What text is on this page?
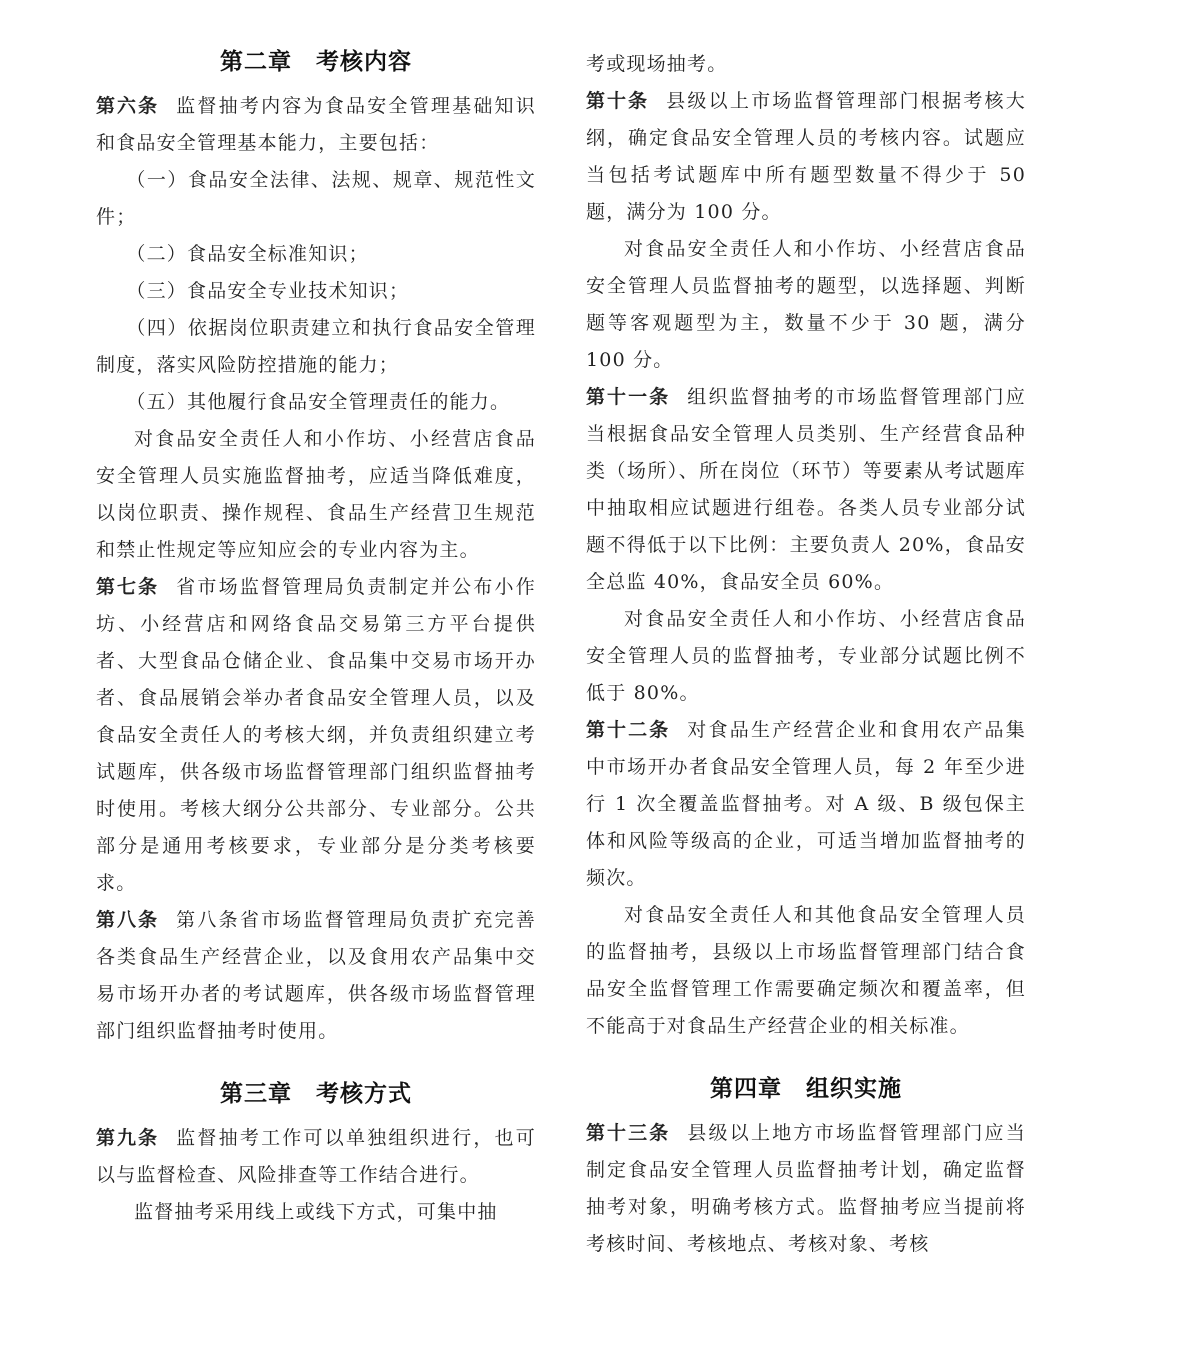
第二章　考核内容

第六条 监督抽考内容为食品安全管理基础知识和食品安全管理基本能力，主要包括：

（一）食品安全法律、法规、规章、规范性文件；

（二）食品安全标准知识；

（三）食品安全专业技术知识；

（四）依据岗位职责建立和执行食品安全管理制度，落实风险防控措施的能力；

（五）其他履行食品安全管理责任的能力。

对食品安全责任人和小作坊、小经营店食品安全管理人员实施监督抽考，应适当降低难度，以岗位职责、操作规程、食品生产经营卫生规范和禁止性规定等应知应会的专业内容为主。

第七条 省市场监督管理局负责制定并公布小作坊、小经营店和网络食品交易第三方平台提供者、大型食品仓储企业、食品集中交易市场开办者、食品展销会举办者食品安全管理人员，以及食品安全责任人的考核大纲，并负责组织建立考试题库，供各级市场监督管理部门组织监督抽考时使用。考核大纲分公共部分、专业部分。公共部分是通用考核要求，专业部分是分类考核要求。

第八条 第八条省市场监督管理局负责扩充完善各类食品生产经营企业，以及食用农产品集中交易市场开办者的考试题库，供各级市场监督管理部门组织监督抽考时使用。

第三章　考核方式

第九条 监督抽考工作可以单独组织进行，也可以与监督检查、风险排查等工作结合进行。

监督抽考采用线上或线下方式，可集中抽

考或现场抽考。

第十条 县级以上市场监督管理部门根据考核大纲，确定食品安全管理人员的考核内容。试题应当包括考试题库中所有题型数量不得少于 50 题，满分为 100 分。

对食品安全责任人和小作坊、小经营店食品安全管理人员监督抽考的题型，以选择题、判断题等客观题型为主，数量不少于 30 题，满分 100 分。

第十一条 组织监督抽考的市场监督管理部门应当根据食品安全管理人员类别、生产经营食品种类（场所）、所在岗位（环节）等要素从考试题库中抽取相应试题进行组卷。各类人员专业部分试题不得低于以下比例：主要负责人 20%，食品安全总监 40%，食品安全员 60%。

对食品安全责任人和小作坊、小经营店食品安全管理人员的监督抽考，专业部分试题比例不低于 80%。

第十二条 对食品生产经营企业和食用农产品集中市场开办者食品安全管理人员，每 2 年至少进行 1 次全覆盖监督抽考。对 A 级、B 级包保主体和风险等级高的企业，可适当增加监督抽考的频次。

对食品安全责任人和其他食品安全管理人员的监督抽考，县级以上市场监督管理部门结合食品安全监督管理工作需要确定频次和覆盖率，但不能高于对食品生产经营企业的相关标准。

第四章　组织实施

第十三条 县级以上地方市场监督管理部门应当制定食品安全管理人员监督抽考计划，确定监督抽考对象，明确考核方式。监督抽考应当提前将考核时间、考核地点、考核对象、考核
